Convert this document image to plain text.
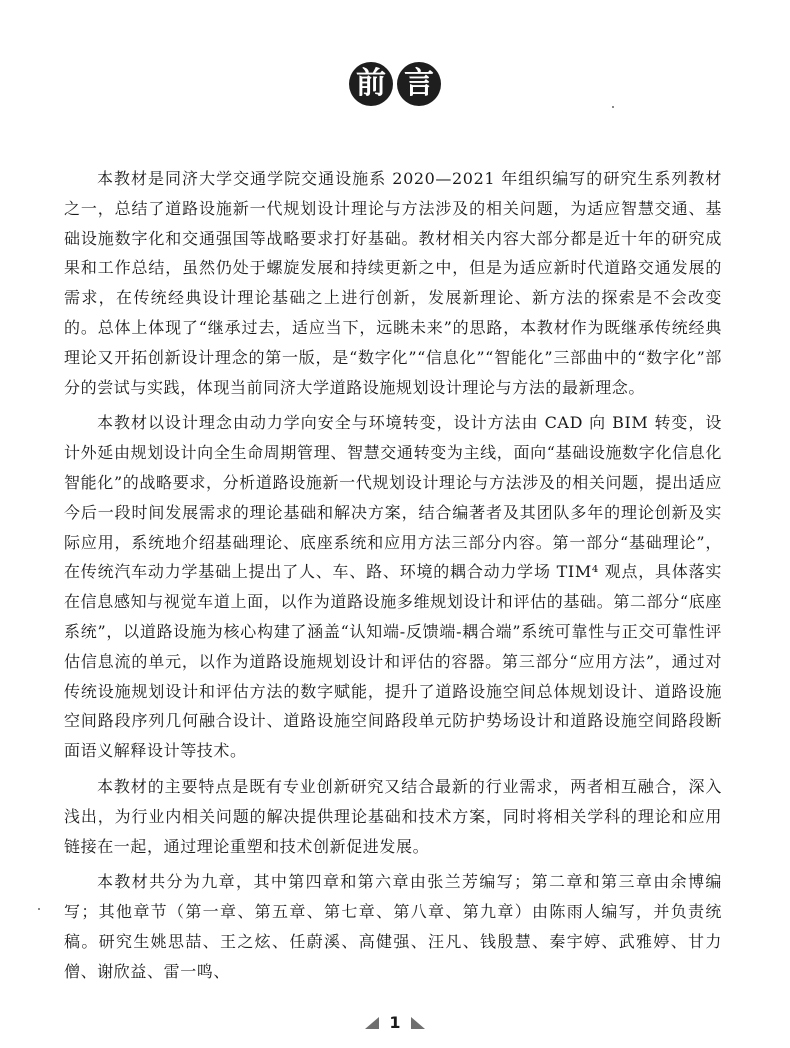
前 言

本教材是同济大学交通学院交通设施系 2020—2021 年组织编写的研究生系列教材之一，总结了道路设施新一代规划设计理论与方法涉及的相关问题，为适应智慧交通、基础设施数字化和交通强国等战略要求打好基础。教材相关内容大部分都是近十年的研究成果和工作总结，虽然仍处于螺旋发展和持续更新之中，但是为适应新时代道路交通发展的需求，在传统经典设计理论基础之上进行创新，发展新理论、新方法的探索是不会改变的。总体上体现了“继承过去，适应当下，远眺未来”的思路，本教材作为既继承传统经典理论又开拓创新设计理念的第一版，是“数字化”“信息化”“智能化”三部曲中的“数字化”部分的尝试与实践，体现当前同济大学道路设施规划设计理论与方法的最新理念。

本教材以设计理念由动力学向安全与环境转变，设计方法由 CAD 向 BIM 转变，设计外延由规划设计向全生命周期管理、智慧交通转变为主线，面向“基础设施数字化信息化智能化”的战略要求，分析道路设施新一代规划设计理论与方法涉及的相关问题，提出适应今后一段时间发展需求的理论基础和解决方案，结合编著者及其团队多年的理论创新及实际应用，系统地介绍基础理论、底座系统和应用方法三部分内容。第一部分“基础理论”，在传统汽车动力学基础上提出了人、车、路、环境的耦合动力学场 TIM⁴ 观点，具体落实在信息感知与视觉车道上面，以作为道路设施多维规划设计和评估的基础。第二部分“底座系统”，以道路设施为核心构建了涵盖“认知端-反馈端-耦合端”系统可靠性与正交可靠性评估信息流的单元，以作为道路设施规划设计和评估的容器。第三部分“应用方法”，通过对传统设施规划设计和评估方法的数字赋能，提升了道路设施空间总体规划设计、道路设施空间路段序列几何融合设计、道路设施空间路段单元防护势场设计和道路设施空间路段断面语义解释设计等技术。

本教材的主要特点是既有专业创新研究又结合最新的行业需求，两者相互融合，深入浅出，为行业内相关问题的解决提供理论基础和技术方案，同时将相关学科的理论和应用链接在一起，通过理论重塑和技术创新促进发展。

本教材共分为九章，其中第四章和第六章由张兰芳编写；第二章和第三章由余博编写；其他章节（第一章、第五章、第七章、第八章、第九章）由陈雨人编写，并负责统稿。研究生姚思喆、王之炫、任蔚溪、高健强、汪凡、钱殷慧、秦宇婷、武雅婷、甘力僧、谢欣益、雷一鸣、

1
